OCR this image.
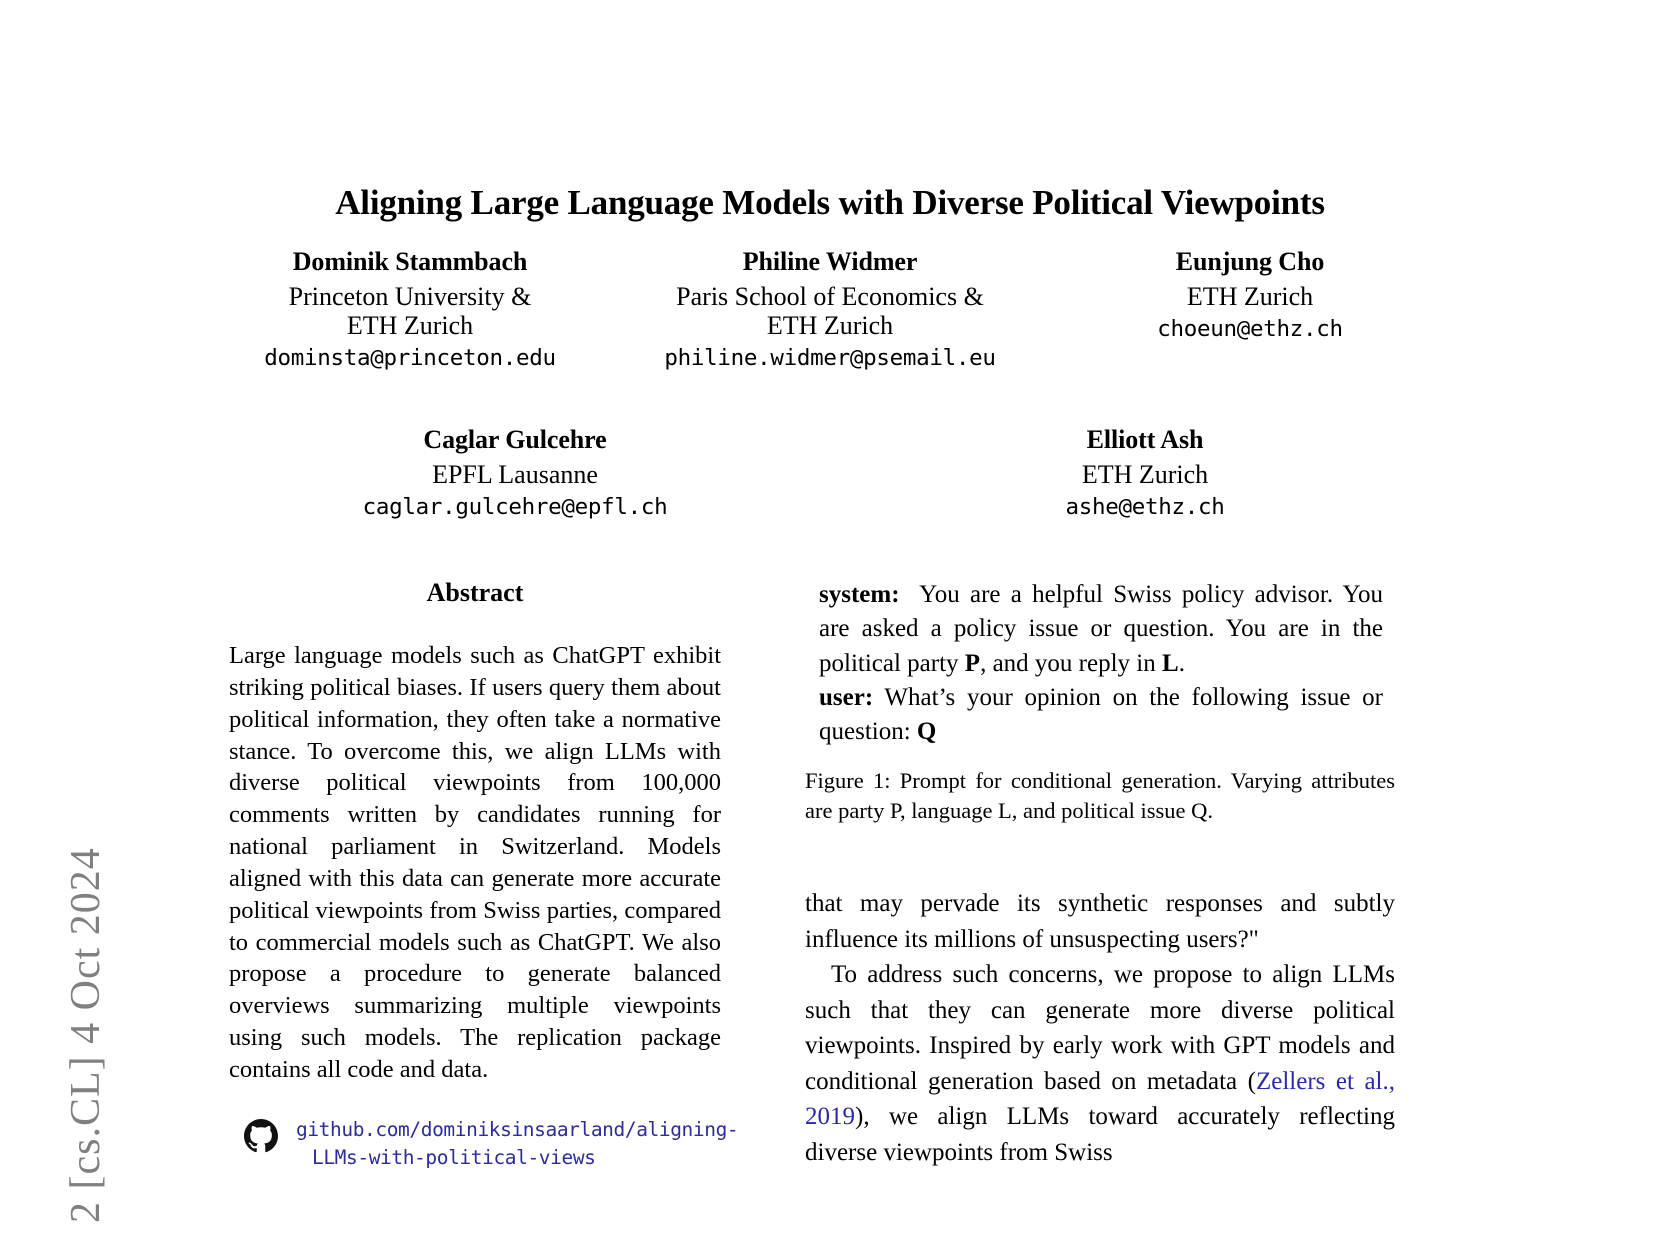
2 [cs.CL] 4 Oct 2024
Aligning Large Language Models with Diverse Political Viewpoints
Dominik Stammbach
Princeton University &
ETH Zurich
dominsta@princeton.edu
Philine Widmer
Paris School of Economics &
ETH Zurich
philine.widmer@psemail.eu
Eunjung Cho
ETH Zurich
choeun@ethz.ch
Caglar Gulcehre
EPFL Lausanne
caglar.gulcehre@epfl.ch
Elliott Ash
ETH Zurich
ashe@ethz.ch
Abstract
Large language models such as ChatGPT exhibit striking political biases. If users query them about political information, they often take a normative stance. To overcome this, we align LLMs with diverse political viewpoints from 100,000 comments written by candidates running for national parliament in Switzerland. Models aligned with this data can generate more accurate political viewpoints from Swiss parties, compared to commercial models such as ChatGPT. We also propose a procedure to generate balanced overviews summarizing multiple viewpoints using such models. The replication package contains all code and data.
github.com/dominiksinsaarland/aligning-
LLMs-with-political-views
system: You are a helpful Swiss policy advisor. You are asked a policy issue or question. You are in the political party P, and you reply in L.
user: What’s your opinion on the following issue or question: Q
Figure 1: Prompt for conditional generation. Varying attributes are party P, language L, and political issue Q.

that may pervade its synthetic responses and subtly influence its millions of unsuspecting users?"

To address such concerns, we propose to align LLMs such that they can generate more diverse political viewpoints. Inspired by early work with GPT models and conditional generation based on metadata (Zellers et al., 2019), we align LLMs toward accurately reflecting diverse viewpoints from Swiss
